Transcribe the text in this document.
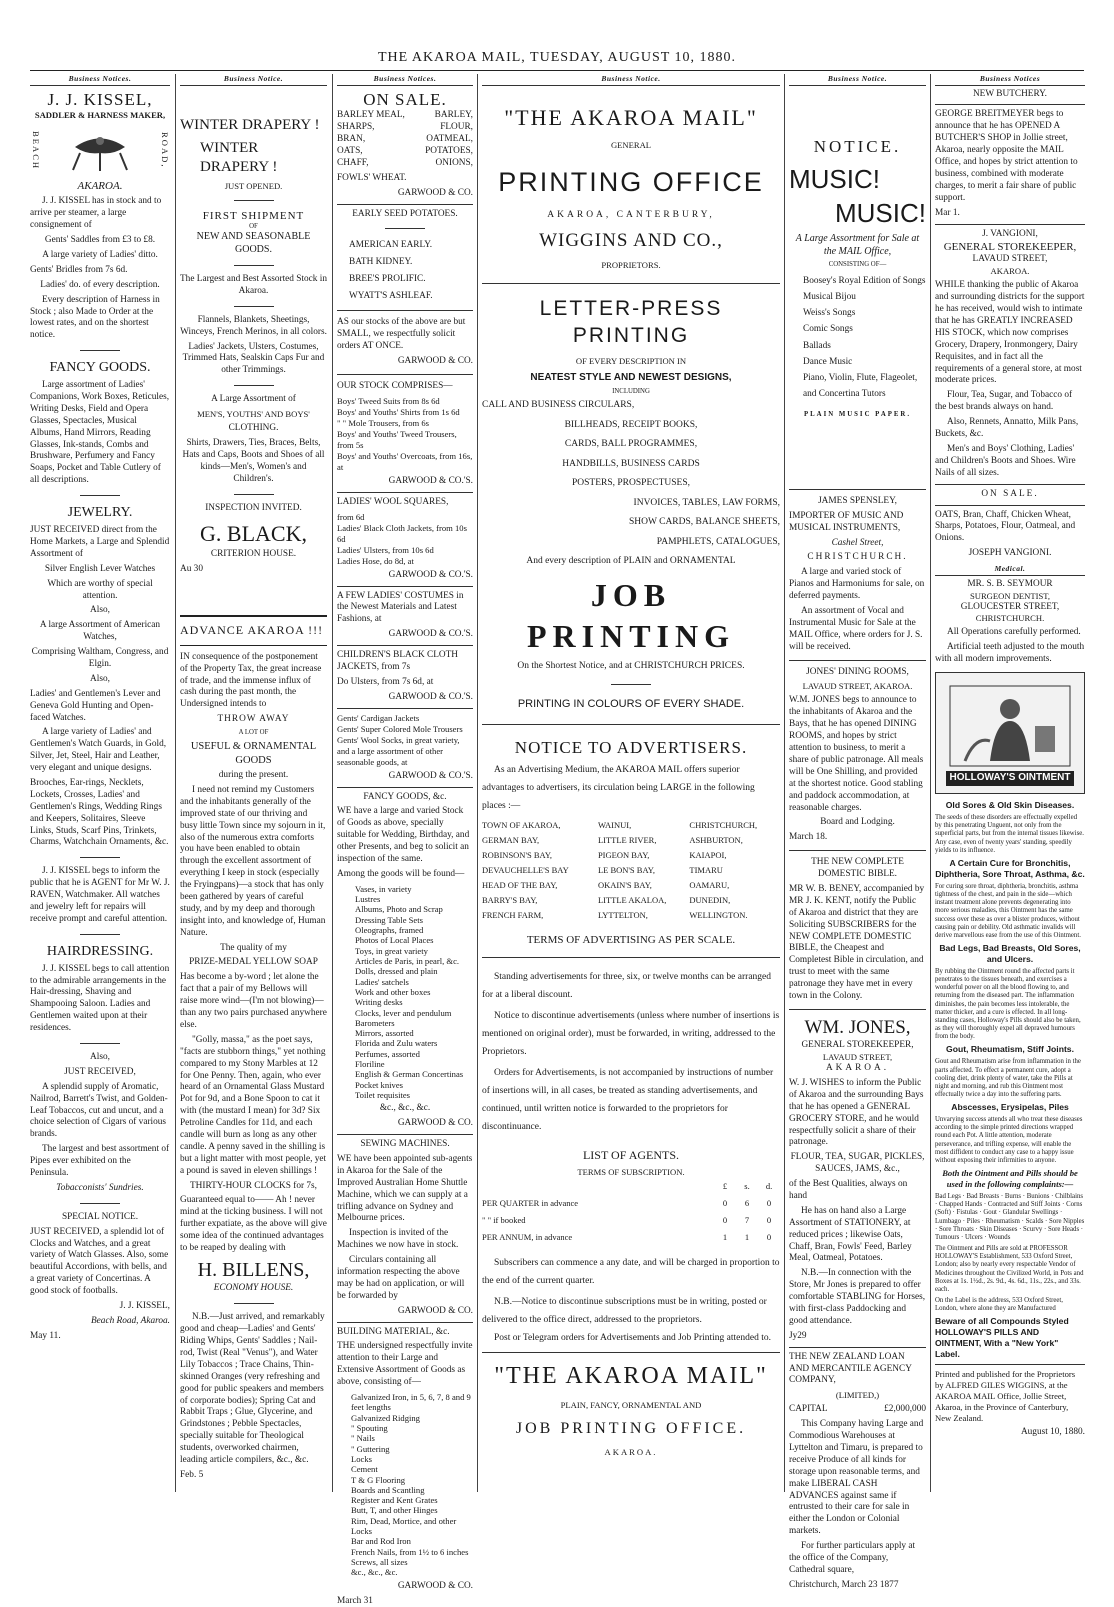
THE AKAROA MAIL, TUESDAY, AUGUST 10, 1880.
Business Notices.
J. J. KISSEL,
SADDLER & HARNESS MAKER,
BEACH	ROAD,
AKAROA.

J. J. KISSEL has in stock and to arrive per steamer, a large consignement of

Gents' Saddles from £3 to £8.

A large variety of Ladies' ditto.

Gents' Bridles from 7s 6d.

Ladies' do. of every description.

Every description of Harness in Stock ; also Made to Order at the lowest rates, and on the shortest notice.

FANCY GOODS.

Large assortment of Ladies' Companions, Work Boxes, Reticules, Writing Desks, Field and Opera Glasses, Spectacles, Musical Albums, Hand Mirrors, Reading Glasses, Ink-stands, Combs and Brushware, Perfumery and Fancy Soaps, Pocket and Table Cutlery of all descriptions.

JEWELRY.

JUST RECEIVED direct from the Home Markets, a Large and Splendid Assortment of

Silver English Lever Watches

Which are worthy of special attention.

Also,

A large Assortment of American Watches,

Comprising Waltham, Congress, and Elgin.

Also,

Ladies' and Gentlemen's Lever and Geneva Gold Hunting and Open-faced Watches.

A large variety of Ladies' and Gentlemen's Watch Guards, in Gold, Silver, Jet, Steel, Hair and Leather, very elegant and unique designs.

Brooches, Ear-rings, Necklets, Lockets, Crosses, Ladies' and Gentlemen's Rings, Wedding Rings and Keepers, Solitaires, Sleeve Links, Studs, Scarf Pins, Trinkets, Charms, Watchchain Ornaments, &c.

J. J. KISSEL begs to inform the public that he is AGENT for Mr W. J. RAVEN, Watchmaker. All watches and jewelry left for repairs will receive prompt and careful attention.

HAIRDRESSING.

J. J. KISSEL begs to call attention to the admirable arrangements in the Hair-dressing, Shaving and Shampooing Saloon. Ladies and Gentlemen waited upon at their residences.

Also,

JUST RECEIVED,

A splendid supply of Aromatic, Nailrod, Barrett's Twist, and Golden-Leaf Tobaccos, cut and uncut, and a choice selection of Cigars of various brands.

The largest and best assortment of Pipes ever exhibited on the Peninsula.

Tobacconists' Sundries.

SPECIAL NOTICE.

JUST RECEIVED, a splendid lot of Clocks and Watches, and a great variety of Watch Glasses. Also, some beautiful Accordions, with bells, and a great variety of Concertinas. A good stock of footballs.

J. J. KISSEL,

Beach Road, Akaroa.

May 11.

Business Notice.
WINTER DRAPERY !
WINTER DRAPERY !
JUST OPENED.
FIRST SHIPMENT
OF
NEW AND SEASONABLE GOODS.

The Largest and Best Assorted Stock in Akaroa.

Flannels, Blankets, Sheetings, Winceys, French Merinos, in all colors.

Ladies' Jackets, Ulsters, Costumes, Trimmed Hats, Sealskin Caps Fur and other Trimmings.

A Large Assortment of

MEN'S, YOUTHS' AND BOYS'

CLOTHING.

Shirts, Drawers, Ties, Braces, Belts, Hats and Caps, Boots and Shoes of all kinds—Men's, Women's and Children's.

INSPECTION INVITED.

G. BLACK,
CRITERION HOUSE.

Au 30

ADVANCE AKAROA !!!

IN consequence of the postponement of the Property Tax, the great increase of trade, and the immense influx of cash during the past month, the Undersigned intends to

THROW AWAY

A LOT OF

USEFUL & ORNAMENTAL GOODS

during the present.

I need not remind my Customers and the inhabitants generally of the improved state of our thriving and busy little Town since my sojourn in it, also of the numerous extra comforts you have been enabled to obtain through the excellent assortment of everything I keep in stock (especially the Fryingpans)—a stock that has only been gathered by years of careful study, and by my deep and thorough insight into, and knowledge of, Human Nature.

The quality of my

PRIZE-MEDAL YELLOW SOAP

Has become a by-word ; let alone the fact that a pair of my Bellows will raise more wind—(I'm not blowing)—than any two pairs purchased anywhere else.

"Golly, massa," as the poet says, "facts are stubborn things," yet nothing compared to my Stony Marbles at 12 for One Penny. Then, again, who ever heard of an Ornamental Glass Mustard Pot for 9d, and a Bone Spoon to cat it with (the mustard I mean) for 3d? Six Petroline Candles for 11d, and each candle will burn as long as any other candle. A penny saved in the shilling is but a light matter with most people, yet a pound is saved in eleven shillings !

THIRTY-HOUR CLOCKS for 7s,

Guaranteed equal to—— Ah ! never mind at the ticking business. I will not further expatiate, as the above will give some idea of the continued advantages to be reaped by dealing with

H. BILLENS,
ECONOMY HOUSE.

N.B.—Just arrived, and remarkably good and cheap—Ladies' and Gents' Riding Whips, Gents' Saddles ; Nail-rod, Twist (Real "Venus"), and Water Lily Tobaccos ; Trace Chains, Thin-skinned Oranges (very refreshing and good for public speakers and members of corporate bodies); Spring Cat and Rabbit Traps ; Glue, Glycerine, and Grindstones ; Pebble Spectacles, specially suitable for Theological students, overworked chairmen, leading article compilers, &c., &c.

Feb. 5

Business Notices.
ON SALE.
BARLEY MEAL,	BARLEY,
SHARPS,	FLOUR,
BRAN,	OATMEAL,
OATS,	POTATOES,
CHAFF,	ONIONS,

FOWLS' WHEAT.

GARWOOD & CO.

EARLY SEED POTATOES.
AMERICAN EARLY.
BATH KIDNEY.
BREE'S PROLIFIC.
WYATT'S ASHLEAF.

AS our stocks of the above are but SMALL, we respectfully solicit orders AT ONCE.

GARWOOD & CO.

OUR STOCK COMPRISES—

Boys' Tweed Suits from 8s 6d
Boys' and Youths' Shirts from 1s 6d
" " Mole Trousers, from 6s
Boys' and Youths' Tweed Trousers, from 5s
Boys' and Youths' Overcoats, from 16s, at

GARWOOD & CO.'S.

LADIES' WOOL SQUARES,

from 6d
Ladies' Black Cloth Jackets, from 10s 6d
Ladies' Ulsters, from 10s 6d
Ladies Hose, do 8d, at

GARWOOD & CO.'S.

A FEW LADIES' COSTUMES in the Newest Materials and Latest Fashions, at

GARWOOD & CO.'S.

CHILDREN'S BLACK CLOTH JACKETS, from 7s

Do Ulsters, from 7s 6d, at

GARWOOD & CO.'S.

Gents' Cardigan Jackets
Gents' Super Colored Mole Trousers
Gents' Wool Socks, in great variety, and a large assortment of other seasonable goods, at

GARWOOD & CO.'S.

FANCY GOODS, &c.

WE have a large and varied Stock of Goods as above, specially suitable for Wedding, Birthday, and other Presents, and beg to solicit an inspection of the same.

Among the goods will be found—

Vases, in variety
Lustres
Albums, Photo and Scrap
Dressing Table Sets
Oleographs, framed
Photos of Local Places
Toys, in great variety
Articles de Paris, in pearl, &c.
Dolls, dressed and plain
Ladies' satchels
Work and other boxes
Writing desks
Clocks, lever and pendulum
Barometers
Mirrors, assorted
Florida and Zulu waters
Perfumes, assorted
Floriline
English & German Concertinas
Pocket knives
Toilet requisites

&c., &c., &c.

GARWOOD & CO.

SEWING MACHINES.

WE have been appointed sub-agents in Akaroa for the Sale of the Improved Australian Home Shuttle Machine, which we can supply at a trifling advance on Sydney and Melbourne prices.

Inspection is invited of the Machines we now have in stock.

Circulars containing all information respecting the above may be had on application, or will be forwarded by

GARWOOD & CO.

BUILDING MATERIAL, &c.

THE undersigned respectfully invite attention to their Large and Extensive Assortment of Goods as above, consisting of—

Galvanized Iron, in 5, 6, 7, 8 and 9 feet lengths
Galvanized Ridging
" Spouting
" Nails
" Guttering
Locks
Cement
T & G Flooring
Boards and Scantling
Register and Kent Grates
Butt, T, and other Hinges
Rim, Dead, Mortice, and other Locks
Bar and Rod Iron
French Nails, from 1½ to 6 inches
Screws, all sizes
&c., &c., &c.

GARWOOD & CO.

March 31

Business Notice.
"THE AKAROA MAIL"
GENERAL
PRINTING OFFICE
AKAROA, CANTERBURY,
WIGGINS AND CO.,
PROPRIETORS.
LETTER-PRESS PRINTING
OF EVERY DESCRIPTION IN
NEATEST STYLE AND NEWEST DESIGNS,
INCLUDING
CALL AND BUSINESS CIRCULARS,
BILLHEADS, RECEIPT BOOKS,
CARDS, BALL PROGRAMMES,
HANDBILLS, BUSINESS CARDS
POSTERS, PROSPECTUSES,
INVOICES, TABLES, LAW FORMS,
SHOW CARDS, BALANCE SHEETS,
PAMPHLETS, CATALOGUES,

And every description of PLAIN and ORNAMENTAL

JOB PRINTING

On the Shortest Notice, and at CHRISTCHURCH PRICES.

PRINTING IN COLOURS OF EVERY SHADE.
NOTICE TO ADVERTISERS.

As an Advertising Medium, the AKAROA MAIL offers superior advantages to advertisers, its circulation being LARGE in the following places :—

TOWN OF AKAROA,	WAINUI,	CHRISTCHURCH,
GERMAN BAY,	LITTLE RIVER,	ASHBURTON,
ROBINSON'S BAY,	PIGEON BAY,	KAIAPOI,
DEVAUCHELLE'S BAY	LE BON'S BAY,	TIMARU
HEAD OF THE BAY,	OKAIN'S BAY,	OAMARU,
BARRY'S BAY,	LITTLE AKALOA,	DUNEDIN,
FRENCH FARM,	LYTTELTON,	WELLINGTON.
TERMS OF ADVERTISING AS PER SCALE.

Standing advertisements for three, six, or twelve months can be arranged for at a liberal discount.

Notice to discontinue advertisements (unless where number of insertions is mentioned on original order), must be forwarded, in writing, addressed to the Proprietors.

Orders for Advertisements, is not accompanied by instructions of number of insertions will, in all cases, be treated as standing advertisements, and continued, until written notice is forwarded to the proprietors for discontinuance.

LIST OF AGENTS.
TERMS OF SUBSCRIPTION.
	£	s.	d.
PER QUARTER in advance	0	6	0
" " if booked	0	7	0
PER ANNUM, in advance	1	1	0

Subscribers can commence a any date, and will be charged in proportion to the end of the current quarter.

N.B.—Notice to discontinue subscriptions must be in writing, posted or delivered to the office direct, addressed to the proprietors.

Post or Telegram orders for Advertisements and Job Printing attended to.

"THE AKAROA MAIL"
PLAIN, FANCY, ORNAMENTAL AND
JOB PRINTING OFFICE.
AKAROA.
Business Notice.
NOTICE.
MUSIC!
MUSIC!

A Large Assortment for Sale at the MAIL Office,

CONSISTING OF—

Boosey's Royal Edition of Songs
Musical Bijou
Weiss's Songs
Comic Songs
Ballads
Dance Music
Piano, Violin, Flute, Flageolet, and Concertina Tutors

PLAIN MUSIC PAPER.

JAMES SPENSLEY,

IMPORTER OF MUSIC AND MUSICAL INSTRUMENTS,

Cashel Street,

CHRISTCHURCH.

A large and varied stock of Pianos and Harmoniums for sale, on deferred payments.

An assortment of Vocal and Instrumental Music for Sale at the MAIL Office, where orders for J. S. will be received.

JONES' DINING ROOMS,

LAVAUD STREET, AKAROA.

W.M. JONES begs to announce to the inhabitants of Akaroa and the Bays, that he has opened DINING ROOMS, and hopes by strict attention to business, to merit a share of public patronage. All meals will be One Shilling, and provided at the shortest notice. Good stabling and paddock accommodation, at reasonable charges.

Board and Lodging.

March 18.

THE NEW COMPLETE DOMESTIC BIBLE.

MR W. B. BENEY, accompanied by MR J. K. KENT, notify the Public of Akaroa and district that they are Soliciting SUBSCRIBERS for the NEW COMPLETE DOMESTIC BIBLE, the Cheapest and Completest Bible in circulation, and trust to meet with the same patronage they have met in every town in the Colony.

WM. JONES,
GENERAL STOREKEEPER,
LAVAUD STREET,
AKAROA.

W. J. WISHES to inform the Public of Akaroa and the surrounding Bays that he has opened a GENERAL GROCERY STORE, and he would respectfully solicit a share of their patronage.

FLOUR, TEA, SUGAR, PICKLES, SAUCES, JAMS, &c.,

of the Best Qualities, always on hand

He has on hand also a Large Assortment of STATIONERY, at reduced prices ; likewise Oats, Chaff, Bran, Fowls' Feed, Barley Meal, Oatmeal, Potatoes.

N.B.—In connection with the Store, Mr Jones is prepared to offer comfortable STABLING for Horses, with first-class Paddocking and good attendance.

Jy29

THE NEW ZEALAND LOAN AND MERCANTILE AGENCY COMPANY,

(LIMITED,)

CAPITAL	£2,000,000

This Company having Large and Commodious Warehouses at Lyttelton and Timaru, is prepared to receive Produce of all kinds for storage upon reasonable terms, and make LIBERAL CASH ADVANCES against same if entrusted to their care for sale in either the London or Colonial markets.

For further particulars apply at the office of the Company, Cathedral square,

Christchurch, March 23 1877

Business Notices
NEW BUTCHERY.

GEORGE BREITMEYER begs to announce that he has OPENED A BUTCHER'S SHOP in Jollie street, Akaroa, nearly opposite the MAIL Office, and hopes by strict attention to business, combined with moderate charges, to merit a fair share of public support.

Mar 1.

J. VANGIONI,
GENERAL STOREKEEPER,
LAVAUD STREET,
AKAROA.

WHILE thanking the public of Akaroa and surrounding districts for the support he has received, would wish to intimate that he has GREATLY INCREASED HIS STOCK, which now comprises Grocery, Drapery, Ironmongery, Dairy Requisites, and in fact all the requirements of a general store, at most moderate prices.

Flour, Tea, Sugar, and Tobacco of the best brands always on hand.

Also, Rennets, Annatto, Milk Pans, Buckets, &c.

Men's and Boys' Clothing, Ladies' and Children's Boots and Shoes. Wire Nails of all sizes.

ON SALE.

OATS, Bran, Chaff, Chicken Wheat, Sharps, Potatoes, Flour, Oatmeal, and Onions.

JOSEPH VANGIONI.

Medical.
MR. S. B. SEYMOUR
SURGEON DENTIST,
GLOUCESTER STREET,
CHRISTCHURCH.

All Operations carefully performed.

Artificial teeth adjusted to the mouth with all modern improvements.

HOLLOWAY'S OINTMENT
Old Sores & Old Skin Diseases.

The seeds of these disorders are effectually expelled by this penetrating Unguent, not only from the superficial parts, but from the internal tissues likewise. Any case, even of twenty years' standing, speedily yields to its influence.

A Certain Cure for Bronchitis, Diphtheria, Sore Throat, Asthma, &c.

For curing sore throat, diphtheria, bronchitis, asthma tightness of the chest, and pain in the side—which instant treatment alone prevents degenerating into more serious maladies, this Ointment has the same success over these as over a blister produces, without causing pain or debility. Old asthmatic invalids will derive marvellous ease from the use of this Ointment.

Bad Legs, Bad Breasts, Old Sores, and Ulcers.

By rubbing the Ointment round the affected parts it penetrates to the tissues beneath, and exercises a wonderful power on all the blood flowing to, and returning from the diseased part. The inflammation diminishes, the pain becomes less intolerable, the matter thicker, and a cure is effected. In all long-standing cases, Holloway's Pills should also be taken, as they will thoroughly expel all depraved humours from the body.

Gout, Rheumatism, Stiff Joints.

Gout and Rheumatism arise from inflammation in the parts affected. To effect a permanent cure, adopt a cooling diet, drink plenty of water, take the Pills at night and morning, and rub this Ointment most effectually twice a day into the suffering parts.

Abscesses, Erysipelas, Piles

Unvarying success attends all who treat these diseases according to the simple printed directions wrapped round each Pot. A little attention, moderate perseverance, and trifling expense, will enable the most diffident to conduct any case to a happy issue without exposing their infirmities to anyone.

Both the Ointment and Pills should be used in the following complaints:—

Bad Legs · Bad Breasts · Burns · Bunions · Chilblains · Chapped Hands · Contracted and Stiff Joints · Corns (Soft) · Fistulas · Gout · Glandular Swellings · Lumbago · Piles · Rheumatism · Scalds · Sore Nipples · Sore Throats · Skin Diseases · Scurvy · Sore Heads · Tumours · Ulcers · Wounds

The Ointment and Pills are sold at PROFESSOR HOLLOWAY'S Establishment, 533 Oxford Street, London; also by nearly every respectable Vendor of Medicines throughout the Civilized World, in Pots and Boxes at 1s. 1½d., 2s. 9d., 4s. 6d., 11s., 22s., and 33s. each.

On the Label is the address, 533 Oxford Street, London, where alone they are Manufactured

Beware of all Compounds Styled HOLLOWAY'S PILLS AND OINTMENT, With a "New York" Label.

Printed and published for the Proprietors by ALFRED GILES WIGGINS, at the AKAROA MAIL Office, Jollie Street, Akaroa, in the Province of Canterbury, New Zealand.

August 10, 1880.
